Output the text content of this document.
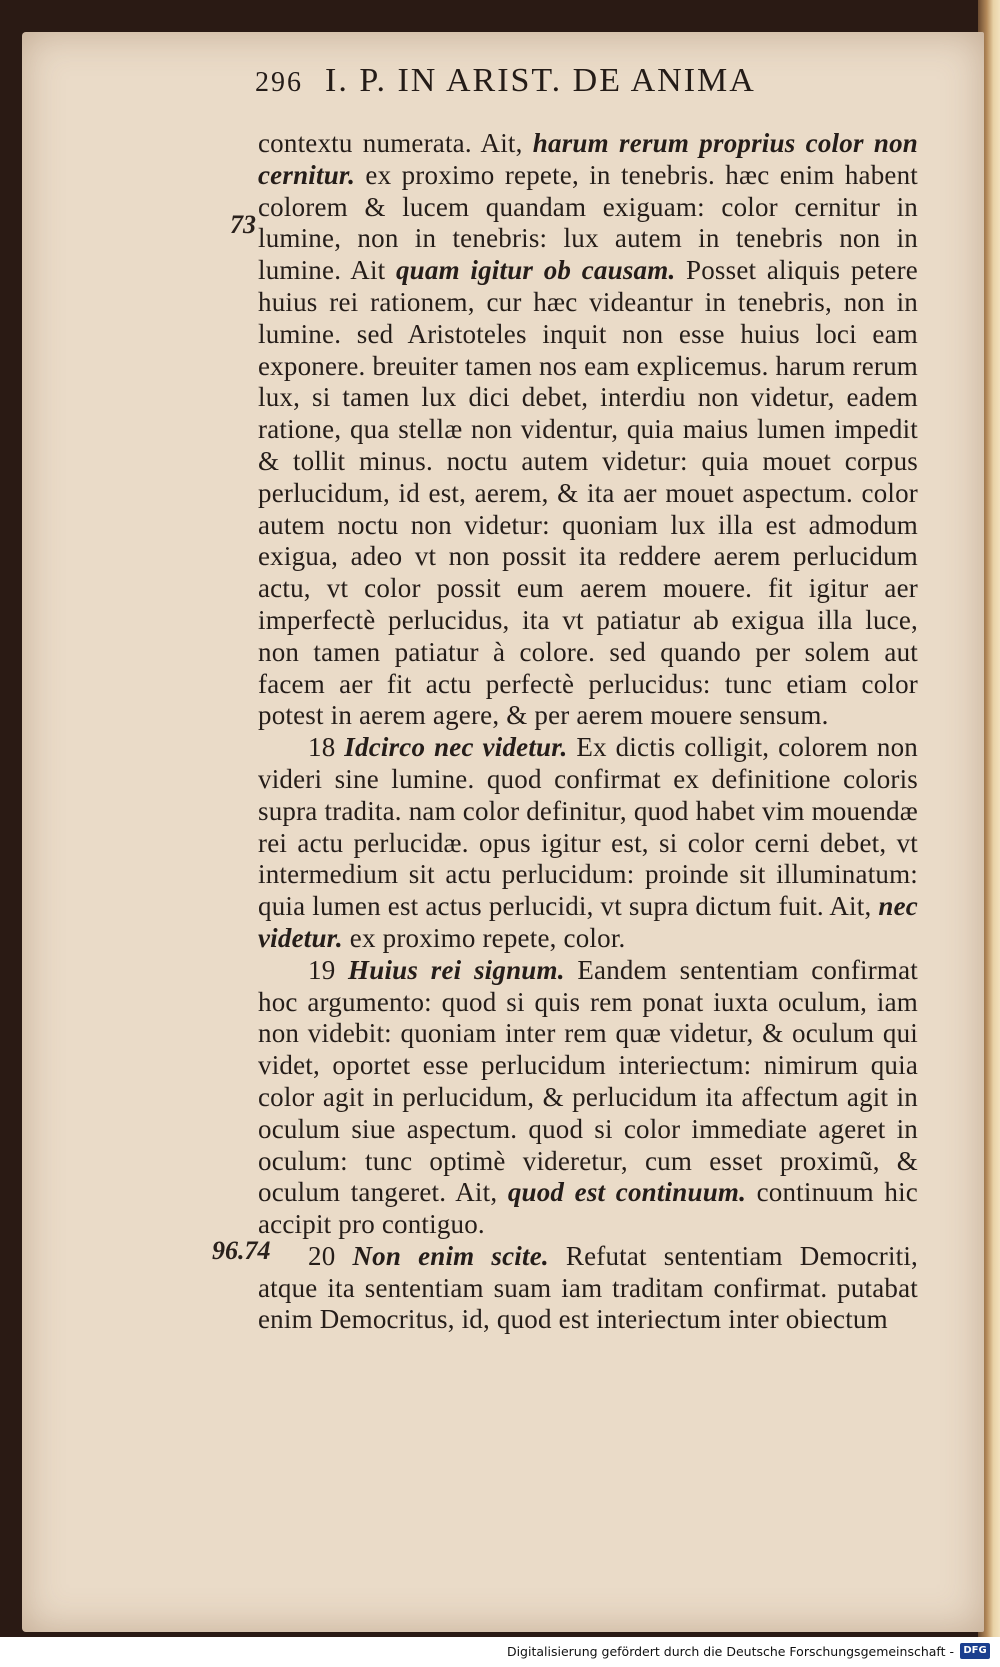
296 I. P. IN ARIST. DE ANIMA
73
96.74

contextu numerata. Ait, harum rerum proprius color non cernitur. ex proximo repete, in tenebris. hæc enim habent colorem & lucem quandam exiguam: color cernitur in lumine, non in tenebris: lux autem in tenebris non in lumine. Ait quam igitur ob causam. Posset aliquis petere huius rei rationem, cur hæc videantur in tenebris, non in lumine. sed Aristoteles inquit non esse huius loci eam exponere. breuiter tamen nos eam explicemus. harum rerum lux, si tamen lux dici debet, interdiu non videtur, eadem ratione, qua stellæ non videntur, quia maius lumen impedit & tollit minus. noctu autem videtur: quia mouet corpus perlucidum, id est, aerem, & ita aer mouet aspectum. color autem noctu non videtur: quoniam lux illa est admodum exigua, adeo vt non possit ita reddere aerem perlucidum actu, vt color possit eum aerem mouere. fit igitur aer imperfectè perlucidus, ita vt patiatur ab exigua illa luce, non tamen patiatur à colore. sed quando per solem aut facem aer fit actu perfectè perlucidus: tunc etiam color potest in aerem agere, & per aerem mouere sensum.

18 Idcirco nec videtur. Ex dictis colligit, colorem non videri sine lumine. quod confirmat ex definitione coloris supra tradita. nam color definitur, quod habet vim mouendæ rei actu perlucidæ. opus igitur est, si color cerni debet, vt intermedium sit actu perlucidum: proinde sit illuminatum: quia lumen est actus perlucidi, vt supra dictum fuit. Ait, nec videtur. ex proximo repete, color.

19 Huius rei signum. Eandem sententiam confirmat hoc argumento: quod si quis rem ponat iuxta oculum, iam non videbit: quoniam inter rem quæ videtur, & oculum qui videt, oportet esse perlucidum interiectum: nimirum quia color agit in perlucidum, & perlucidum ita affectum agit in oculum siue aspectum. quod si color immediate ageret in oculum: tunc optimè videretur, cum esset proximũ, & oculum tangeret. Ait, quod est continuum. continuum hic accipit pro contiguo.

20 Non enim scite. Refutat sententiam Democriti, atque ita sententiam suam iam traditam confirmat. putabat enim Democritus, id, quod est interiectum inter obiectum

Digitalisierung gefördert durch die Deutsche Forschungsgemeinschaft - DFG
